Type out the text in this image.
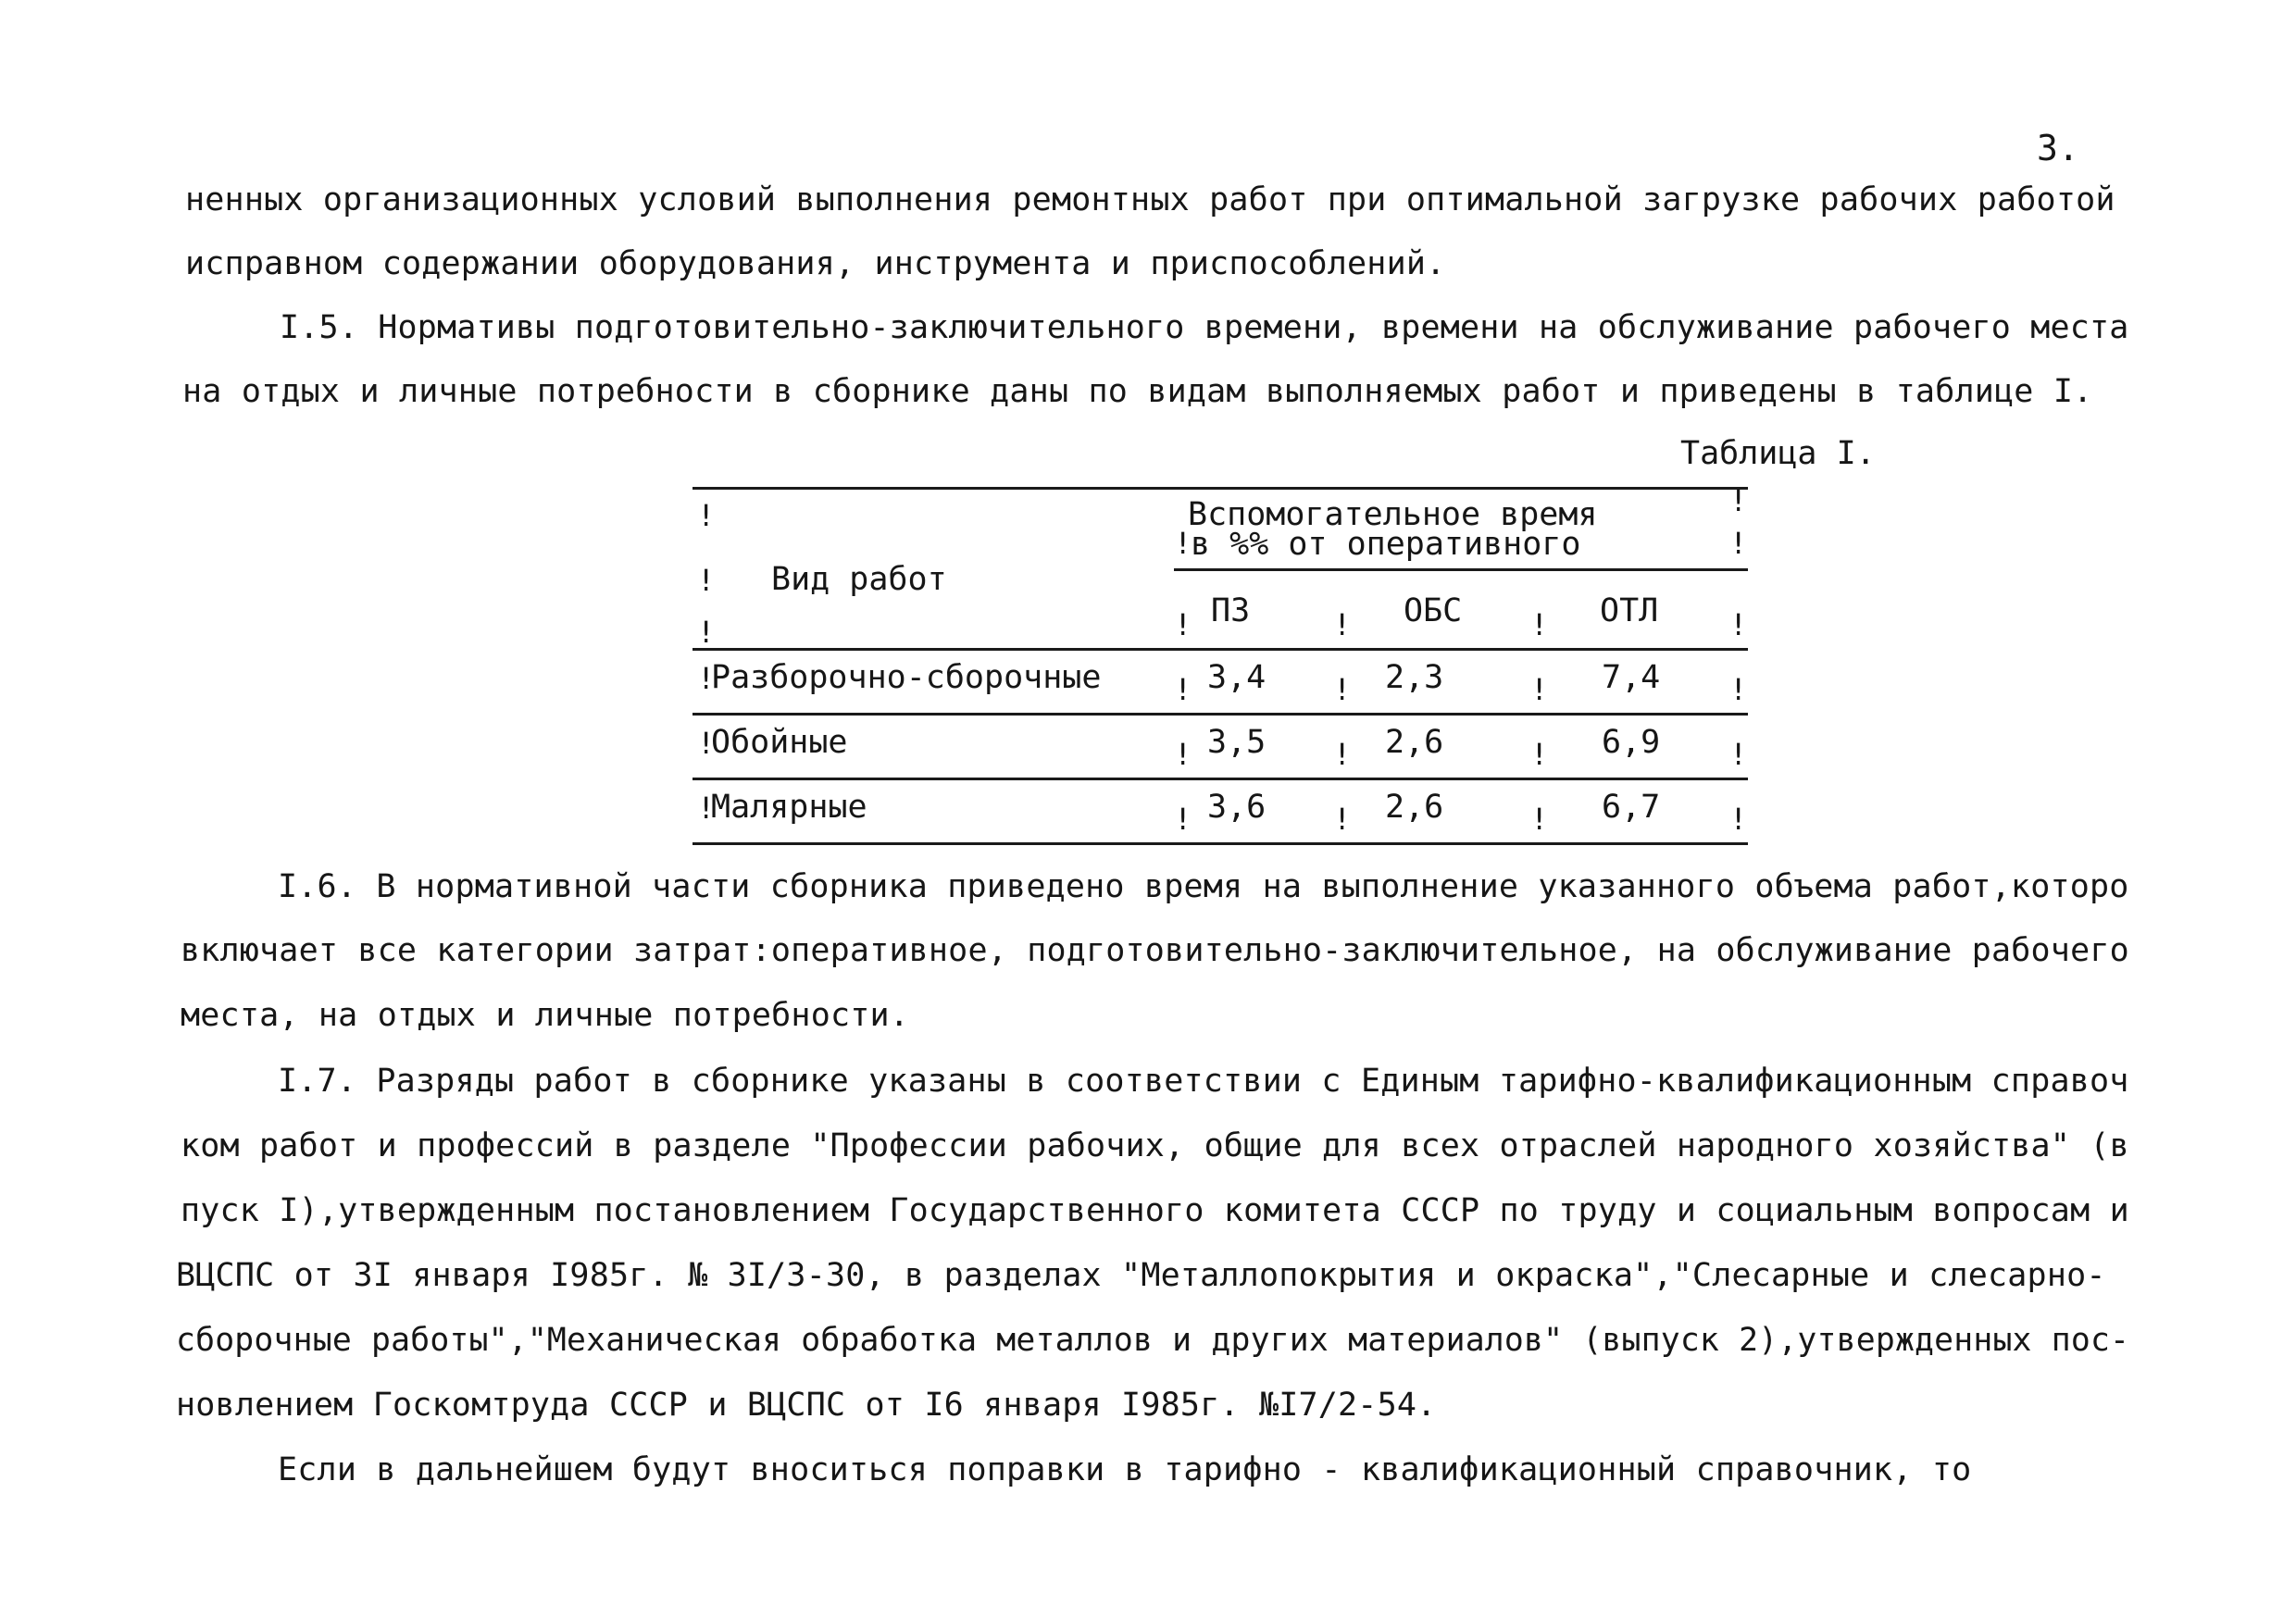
3.
ненных организационных условий выполнения ремонтных работ при оптимальной загрузке рабочих работой
исправном содержании оборудования, инструмента и приспособлений.
I.5. Нормативы подготовительно-заключительного времени, времени на обслуживание рабочего места
на отдых и личные потребности в сборнике даны по видам выполняемых работ и приведены в таблице I.
Таблица I.
Вспомогательное время
в %% от оперативного
Вид работ
ПЗ	ОБС	ОТЛ
Разборочно-сборочные	3,4	2,3	7,4
Обойные	3,5	2,6	6,9
Малярные	3,6	2,6	6,7
!
!
!
!
!
!
!	!	!	!
!	!	!	!	!
!	!	!	!	!
!	!	!	!	!
I.6. В нормативной части сборника приведено время на выполнение указанного объема работ,которо
включает все категории затрат:оперативное, подготовительно-заключительное, на обслуживание рабочего
места, на отдых и личные потребности.
I.7. Разряды работ в сборнике указаны в соответствии с Единым тарифно-квалификационным справоч
ком работ и профессий в разделе "Профессии рабочих, общие для всех отраслей народного хозяйства" (в
пуск I),утвержденным постановлением Государственного комитета СССР по труду и социальным вопросам и
ВЦСПС от 3I января I985г. № 3I/3-30, в разделах "Металлопокрытия и окраска","Слесарные и слесарно-
сборочные работы","Механическая обработка металлов и других материалов" (выпуск 2),утвержденных пос-
новлением Госкомтруда СССР и ВЦСПС от I6 января I985г. №I7/2-54.
Если в дальнейшем будут вноситься поправки в тарифно - квалификационный справочник, то
